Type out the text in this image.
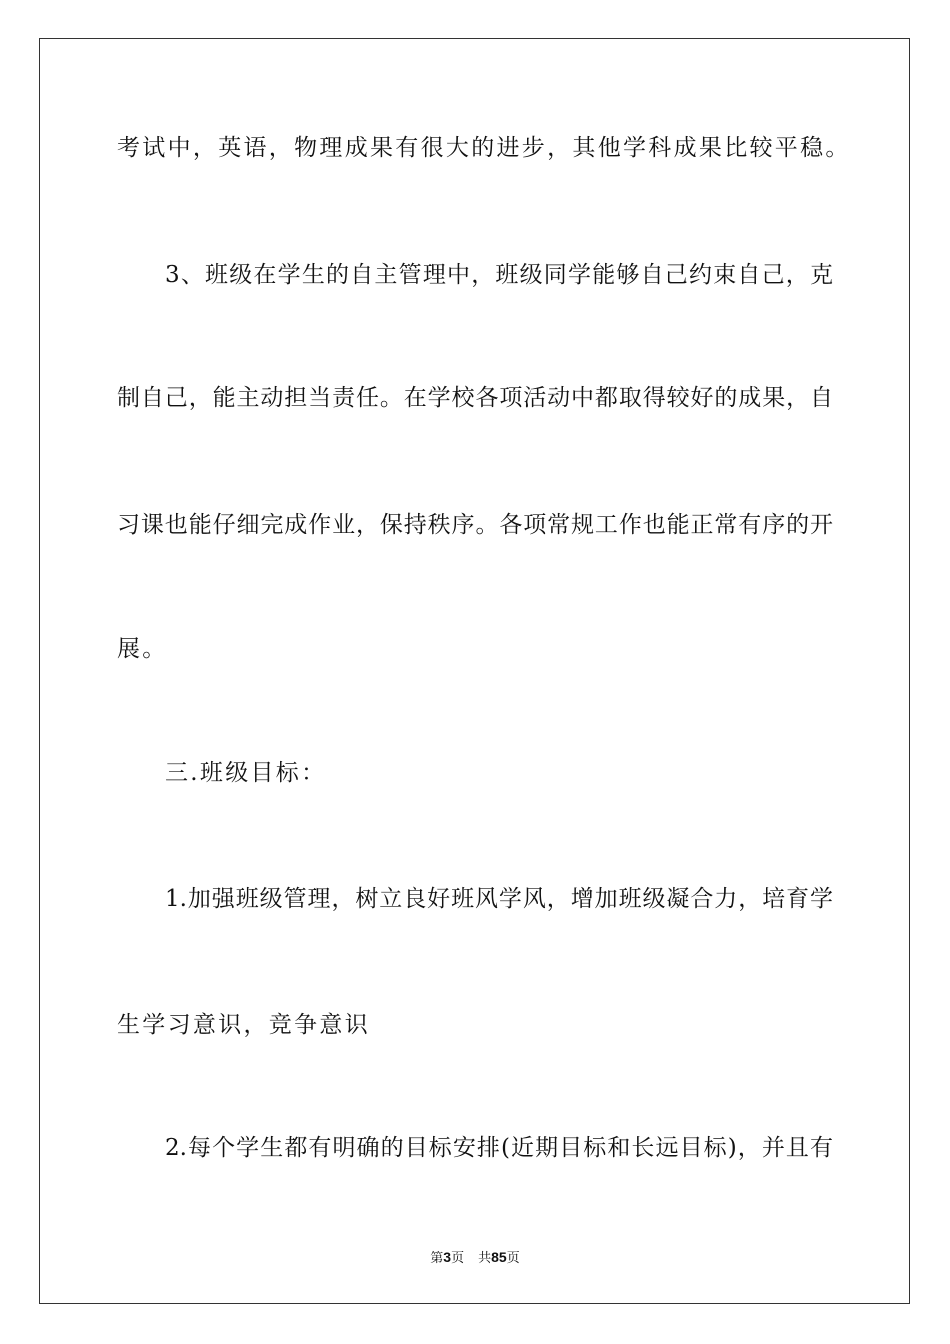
考试中，英语，物理成果有很大的进步，其他学科成果比较平稳。
3、班级在学生的自主管理中，班级同学能够自己约束自己，克
制自己，能主动担当责任。在学校各项活动中都取得较好的成果，自
习课也能仔细完成作业，保持秩序。各项常规工作也能正常有序的开
展。
三.班级目标：
1.加强班级管理，树立良好班风学风，增加班级凝合力，培育学
生学习意识，竞争意识
2.每个学生都有明确的目标安排(近期目标和长远目标)，并且有
第3页 共85页
